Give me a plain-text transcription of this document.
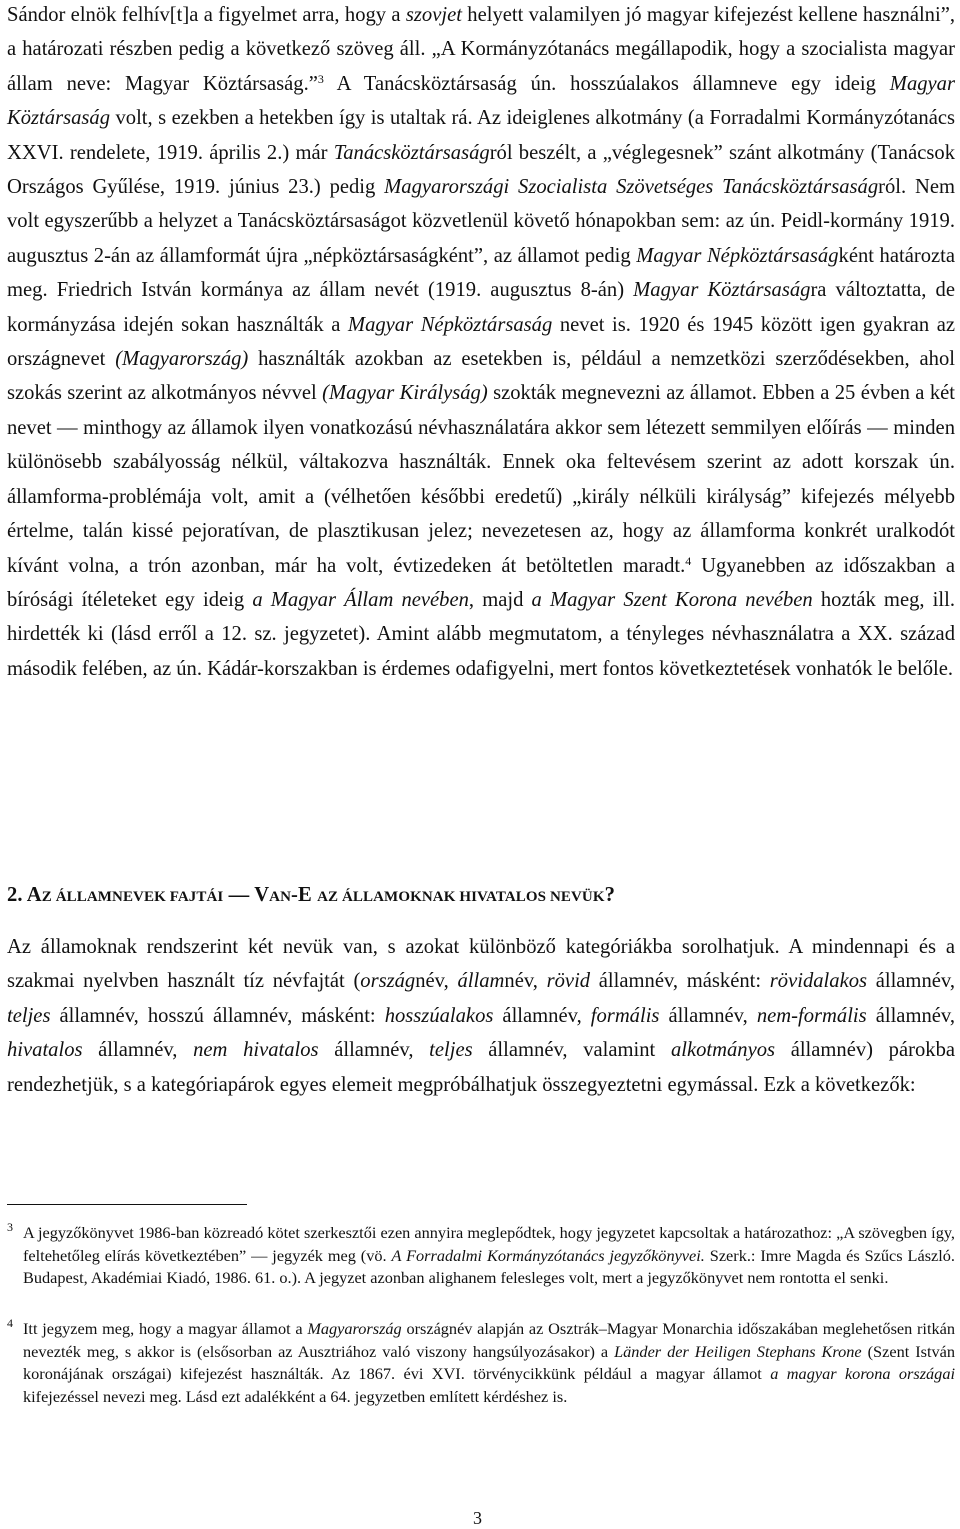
Sándor elnök felhív[t]a a figyelmet arra, hogy a szovjet helyett valamilyen jó magyar kifejezést kellene használni”, a határozati részben pedig a következő szöveg áll. „A Kormányzótanács megállapodik, hogy a szocialista magyar állam neve: Magyar Köztársaság.”$^3$ A Tanácsköztársaság ún. hosszúalakos államneve egy ideig Magyar Köztársaság volt, s ezekben a hetekben így is utaltak rá. Az ideiglenes alkotmány (a Forradalmi Kormányzótanács XXVI. rendelete, 1919. április 2.) már Tanácsköztársaságról beszélt, a „véglegesnek” szánt alkotmány (Tanácsok Országos Gyűlése, 1919. június 23.) pedig Magyarországi Szocialista Szövetséges Tanácsköztársaságról. Nem volt egyszerűbb a helyzet a Tanácsköztársaságot közvetlenül követő hónapokban sem: az ún. Peidl-kormány 1919. augusztus 2-án az államformát újra „népköztársaságként”, az államot pedig Magyar Népköztársaságként határozta meg. Friedrich István kormánya az állam nevét (1919. augusztus 8-án) Magyar Köztársaságra változtatta, de kormányzása idején sokan használták a Magyar Népköztársaság nevet is. 1920 és 1945 között igen gyakran az országnevet (Magyarország) használták azokban az esetekben is, például a nemzetközi szerződésekben, ahol szokás szerint az alkotmányos névvel (Magyar Királyság) szokták megnevezni az államot. Ebben a 25 évben a két nevet — minthogy az államok ilyen vonatkozású névhasználatára akkor sem létezett semmilyen előírás — minden különösebb szabályosság nélkül, váltakozva használták. Ennek oka feltevésem szerint az adott korszak ún. államforma-problémája volt, amit a (vélhetően későbbi eredetű) „király nélküli királyság” kifejezés mélyebb értelme, talán kissé pejoratívan, de plasztikusan jelez; nevezetesen az, hogy az államforma konkrét uralkodót kívánt volna, a trón azonban, már ha volt, évtizedeken át betöltetlen maradt.$^4$ Ugyanebben az időszakban a bírósági ítéleteket egy ideig a Magyar Állam nevében, majd a Magyar Szent Korona nevében hozták meg, ill. hirdették ki (lásd erről a 12. sz. jegyzetet). Amint alább megmutatom, a tényleges névhasználatra a XX. század második felében, az ún. Kádár-korszakban is érdemes odafigyelni, mert fontos következtetések vonhatók le belőle.

2. AZ ÁLLAMNEVEK FAJTÁI — VAN-E AZ ÁLLAMOKNAK HIVATALOS NEVÜK?

Az államoknak rendszerint két nevük van, s azokat különböző kategóriákba sorolhatjuk. A mindennapi és a szakmai nyelvben használt tíz névfajtát (országnév, államnév, rövid államnév, másként: rövidalakos államnév, teljes államnév, hosszú államnév, másként: hosszúalakos államnév, formális államnév, nem-formális államnév, hivatalos államnév, nem hivatalos államnév, teljes államnév, valamint alkotmányos államnév) párokba rendezhetjük, s a kategóriapárok egyes elemeit megpróbálhatjuk összegyeztetni egymással. Ezk a következők:

3 A jegyzőkönyvet 1986-ban közreadó kötet szerkesztői ezen annyira meglepődtek, hogy jegyzetet kapcsoltak a határozathoz: „A szövegben így, feltehetőleg elírás következtében” — jegyzék meg (vö. A Forradalmi Kormányzótanács jegyzőkönyvei. Szerk.: Imre Magda és Szűcs László. Budapest, Akadémiai Kiadó, 1986. 61. o.). A jegyzet azonban alighanem felesleges volt, mert a jegyzőkönyvet nem rontotta el senki.

4 Itt jegyzem meg, hogy a magyar államot a Magyarország országnév alapján az Osztrák–Magyar Monarchia időszakában meglehetősen ritkán nevezték meg, s akkor is (elsősorban az Ausztriához való viszony hangsúlyozásakor) a Länder der Heiligen Stephans Krone (Szent István koronájának országai) kifejezést használták. Az 1867. évi XVI. törvénycikkünk például a magyar államot a magyar korona országai kifejezéssel nevezi meg. Lásd ezt adalékként a 64. jegyzetben említett kérdéshez is.

3
